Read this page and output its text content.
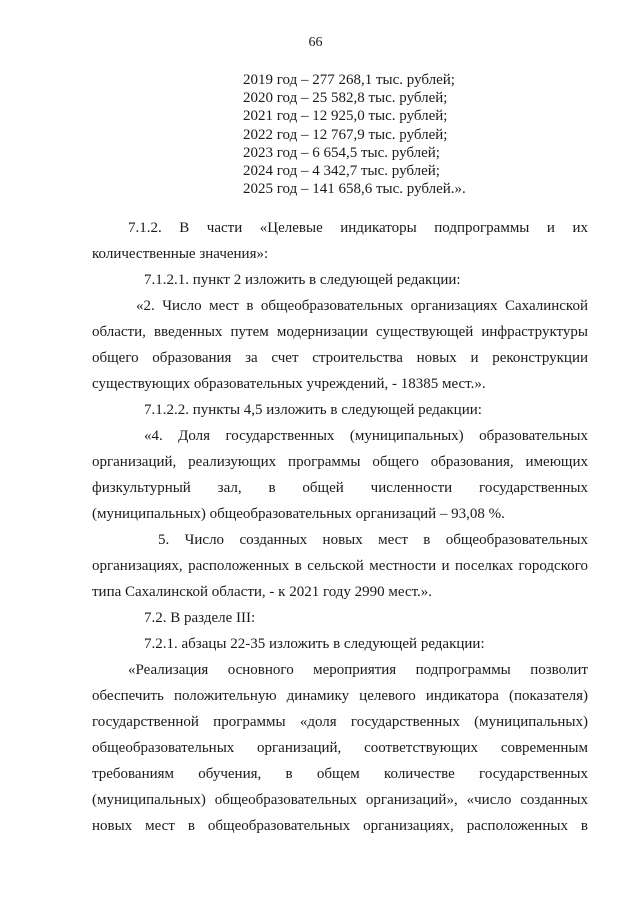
66
2019 год – 277 268,1 тыс. рублей;
2020 год – 25 582,8 тыс. рублей;
2021 год – 12 925,0 тыс. рублей;
2022 год – 12 767,9 тыс. рублей;
2023 год – 6 654,5 тыс. рублей;
2024 год – 4 342,7 тыс. рублей;
2025 год – 141 658,6 тыс. рублей.».
7.1.2. В части «Целевые индикаторы подпрограммы и их количественные значения»:
7.1.2.1. пункт 2 изложить в следующей редакции:
«2. Число мест в общеобразовательных организациях Сахалинской области, введенных путем модернизации существующей инфраструктуры общего образования за счет строительства новых и реконструкции существующих образовательных учреждений, - 18385 мест.».
7.1.2.2. пункты 4,5 изложить в следующей редакции:
«4. Доля государственных (муниципальных) образовательных организаций, реализующих программы общего образования, имеющих физкультурный зал, в общей численности государственных (муниципальных) общеобразовательных организаций – 93,08 %.
5. Число созданных новых мест в общеобразовательных организациях, расположенных в сельской местности и поселках городского типа Сахалинской области, - к 2021 году 2990 мест.».
7.2. В разделе III:
7.2.1. абзацы 22-35 изложить в следующей редакции:
«Реализация основного мероприятия подпрограммы позволит обеспечить положительную динамику целевого индикатора (показателя) государственной программы «доля государственных (муниципальных) общеобразовательных организаций, соответствующих современным требованиям обучения, в общем количестве государственных (муниципальных) общеобразовательных организаций», «число созданных новых мест в общеобразовательных организациях, расположенных в
